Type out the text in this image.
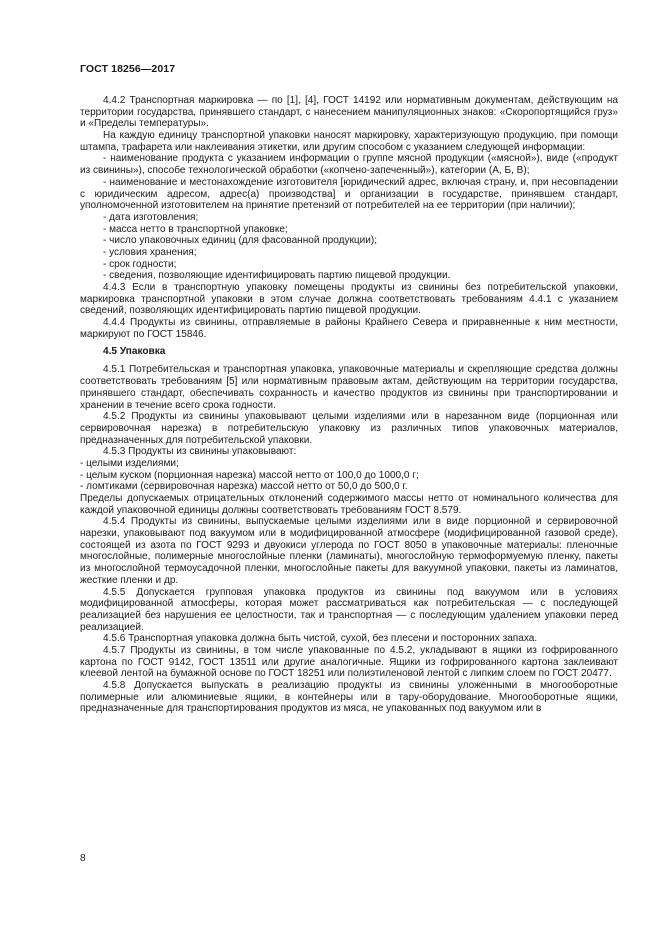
ГОСТ 18256—2017

4.4.2 Транспортная маркировка — по [1], [4], ГОСТ 14192 или нормативным документам, действующим на территории государства, принявшего стандарт, с нанесением манипуляционных знаков: «Скоропортящийся груз» и «Пределы температуры».

На каждую единицу транспортной упаковки наносят маркировку, характеризующую продукцию, при помощи штампа, трафарета или наклеивания этикетки, или другим способом с указанием следующей информации:

- наименование продукта с указанием информации о группе мясной продукции («мясной»), виде («продукт из свинины»), способе технологической обработки («копчено-запеченный»), категории (А, Б, В);

- наименование и местонахождение изготовителя [юридический адрес, включая страну, и, при несовпадении с юридическим адресом, адрес(а) производства] и организации в государстве, принявшем стандарт, уполномоченной изготовителем на принятие претензий от потребителей на ее территории (при наличии);

- дата изготовления;

- масса нетто в транспортной упаковке;

- число упаковочных единиц (для фасованной продукции);

- условия хранения;

- срок годности;

- сведения, позволяющие идентифицировать партию пищевой продукции.

4.4.3 Если в транспортную упаковку помещены продукты из свинины без потребительской упаковки, маркировка транспортной упаковки в этом случае должна соответствовать требованиям 4.4.1 с указанием сведений, позволяющих идентифицировать партию пищевой продукции.

4.4.4 Продукты из свинины, отправляемые в районы Крайнего Севера и приравненные к ним местности, маркируют по ГОСТ 15846.

4.5 Упаковка

4.5.1 Потребительская и транспортная упаковка, упаковочные материалы и скрепляющие средства должны соответствовать требованиям [5] или нормативным правовым актам, действующим на территории государства, принявшего стандарт, обеспечивать сохранность и качество продуктов из свинины при транспортировании и хранении в течение всего срока годности.

4.5.2 Продукты из свинины упаковывают целыми изделиями или в нарезанном виде (порционная или сервировочная нарезка) в потребительскую упаковку из различных типов упаковочных материалов, предназначенных для потребительской упаковки.

4.5.3 Продукты из свинины упаковывают:

- целыми изделиями;

- целым куском (порционная нарезка) массой нетто от 100,0 до 1000,0 г;

- ломтиками (сервировочная нарезка) массой нетто от 50,0 до 500,0 г.

Пределы допускаемых отрицательных отклонений содержимого массы нетто от номинального количества для каждой упаковочной единицы должны соответствовать требованиям ГОСТ 8.579.

4.5.4 Продукты из свинины, выпускаемые целыми изделиями или в виде порционной и сервировочной нарезки, упаковывают под вакуумом или в модифицированной атмосфере (модифицированной газовой среде), состоящей из азота по ГОСТ 9293 и двуокиси углерода по ГОСТ 8050 в упаковочные материалы: пленочные многослойные, полимерные многослойные пленки (ламинаты), многослойную термоформуемую пленку, пакеты из многослойной термоусадочной пленки, многослойные пакеты для вакуумной упаковки, пакеты из ламинатов, жесткие пленки и др.

4.5.5 Допускается групповая упаковка продуктов из свинины под вакуумом или в условиях модифицированной атмосферы, которая может рассматриваться как потребительская — с последующей реализацией без нарушения ее целостности, так и транспортная — с последующим удалением упаковки перед реализацией.

4.5.6 Транспортная упаковка должна быть чистой, сухой, без плесени и посторонних запаха.

4.5.7 Продукты из свинины, в том числе упакованные по 4.5.2, укладывают в ящики из гофрированного картона по ГОСТ 9142, ГОСТ 13511 или другие аналогичные. Ящики из гофрированного картона заклеивают клеевой лентой на бумажной основе по ГОСТ 18251 или полиэтиленовой лентой с липким слоем по ГОСТ 20477.

4.5.8 Допускается выпускать в реализацию продукты из свинины уложенными в многооборотные полимерные или алюминиевые ящики, в контейнеры или в тару-оборудование. Многооборотные ящики, предназначенные для транспортирования продуктов из мяса, не упакованных под вакуумом или в

8
